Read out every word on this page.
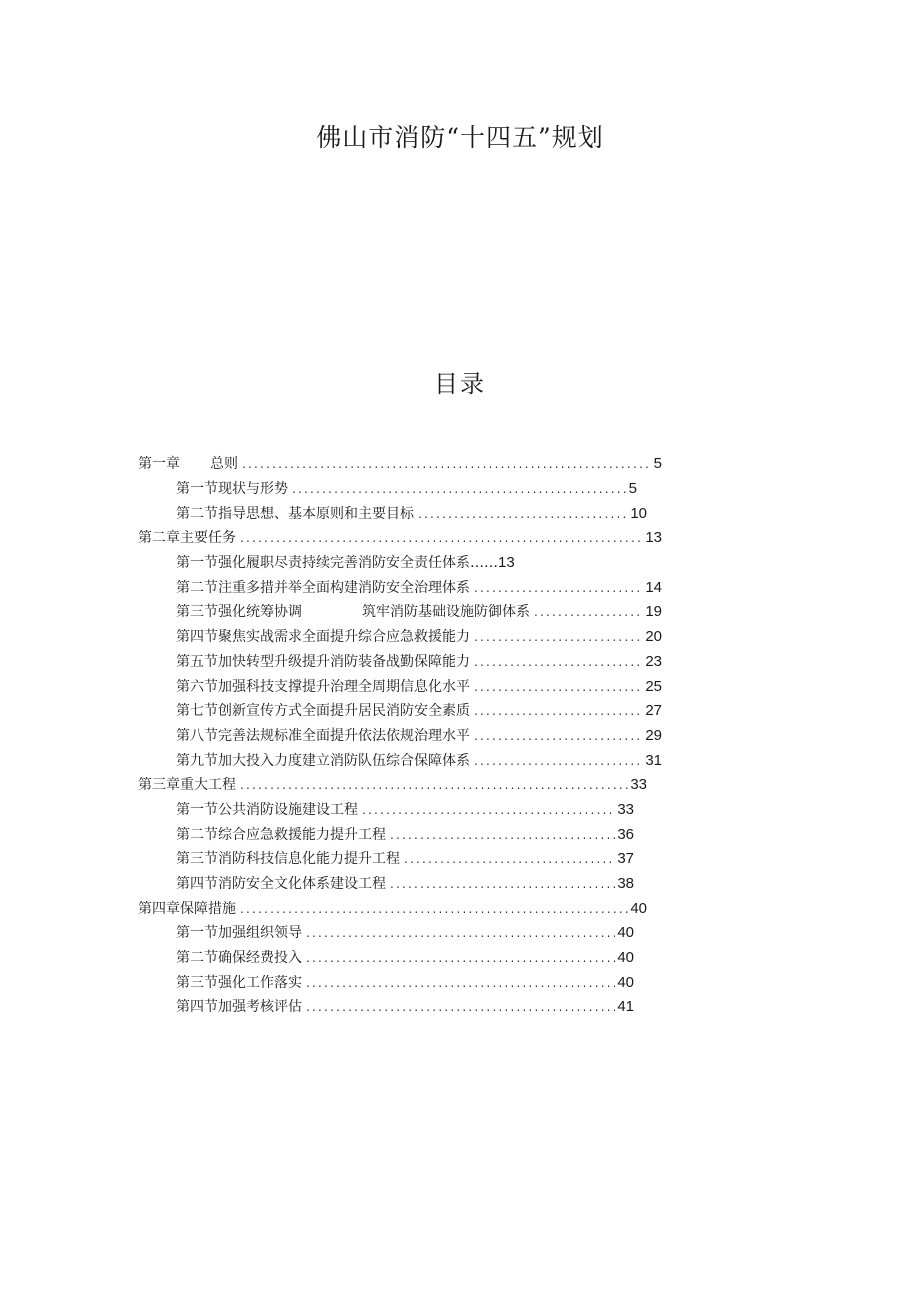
佛山市消防“十四五”规划
目录
第一章 总则 .....	5
第一节现状与形势 .....	5
第二节指导思想、基本原则和主要目标 .....	10
第二章主要任务 .....	13
第一节强化履职尽责持续完善消防安全责任体系…… 13
第二节注重多措并举全面构建消防安全治理体系 .....	14
第三节强化统筹协调	筑牢消防基础设施防御体系 .....	19
第四节聚焦实战需求全面提升综合应急救援能力 .....	20
第五节加快转型升级提升消防装备战勤保障能力 .....	23
第六节加强科技支撑提升治理全周期信息化水平 .....	25
第七节创新宣传方式全面提升居民消防安全素质 .....	27
第八节完善法规标准全面提升依法依规治理水平 .....	29
第九节加大投入力度建立消防队伍综合保障体系 .....	31
第三章重大工程 .....	33
第一节公共消防设施建设工程 .....	33
第二节综合应急救援能力提升工程 .....	36
第三节消防科技信息化能力提升工程 .....	37
第四节消防安全文化体系建设工程 .....	38
第四章保障措施 .....	40
第一节加强组织领导 .....	40
第二节确保经费投入 .....	40
第三节强化工作落实 .....	40
第四节加强考核评估 .....	41
